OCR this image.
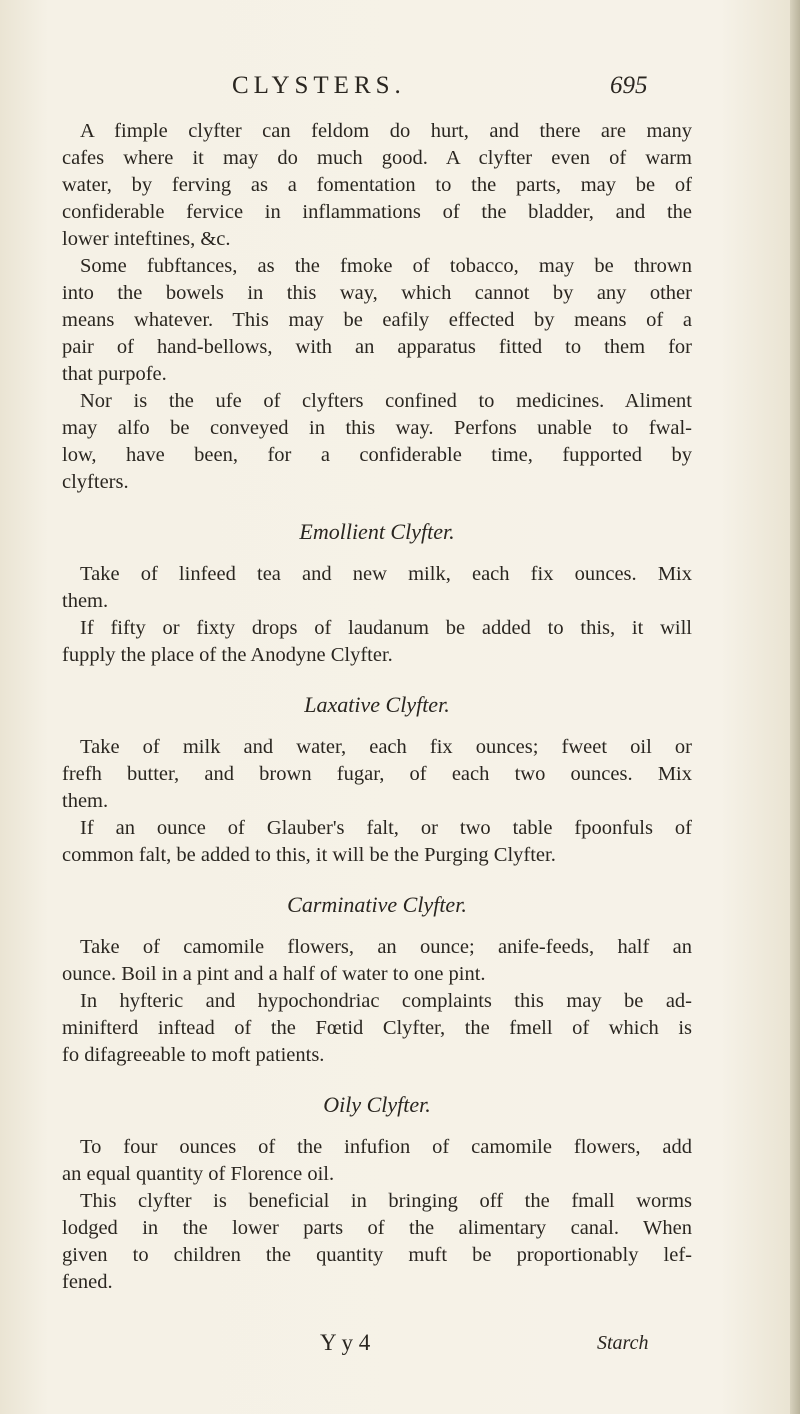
CLYSTERS.	695
A fimple clyfter can feldom do hurt, and there are many
cafes where it may do much good. A clyfter even of warm
water, by ferving as a fomentation to the parts, may be of
confiderable fervice in inflammations of the bladder, and the
lower inteftines, &c.
Some fubftances, as the fmoke of tobacco, may be thrown
into the bowels in this way, which cannot by any other
means whatever. This may be eafily effected by means of a
pair of hand-bellows, with an apparatus fitted to them for
that purpofe.
Nor is the ufe of clyfters confined to medicines. Aliment
may alfo be conveyed in this way. Perfons unable to fwal-
low, have been, for a confiderable time, fupported by
clyfters.
Emollient Clyfter.
Take of linfeed tea and new milk, each fix ounces. Mix
them.
If fifty or fixty drops of laudanum be added to this, it will
fupply the place of the Anodyne Clyfter.
Laxative Clyfter.
Take of milk and water, each fix ounces; fweet oil or
frefh butter, and brown fugar, of each two ounces. Mix
them.
If an ounce of Glauber's falt, or two table fpoonfuls of
common falt, be added to this, it will be the Purging Clyfter.
Carminative Clyfter.
Take of camomile flowers, an ounce; anife-feeds, half an
ounce. Boil in a pint and a half of water to one pint.
In hyfteric and hypochondriac complaints this may be ad-
minifterd inftead of the Fœtid Clyfter, the fmell of which is
fo difagreeable to moft patients.
Oily Clyfter.
To four ounces of the infufion of camomile flowers, add
an equal quantity of Florence oil.
This clyfter is beneficial in bringing off the fmall worms
lodged in the lower parts of the alimentary canal. When
given to children the quantity muft be proportionably lef-
fened.
Y y 4	Starch
